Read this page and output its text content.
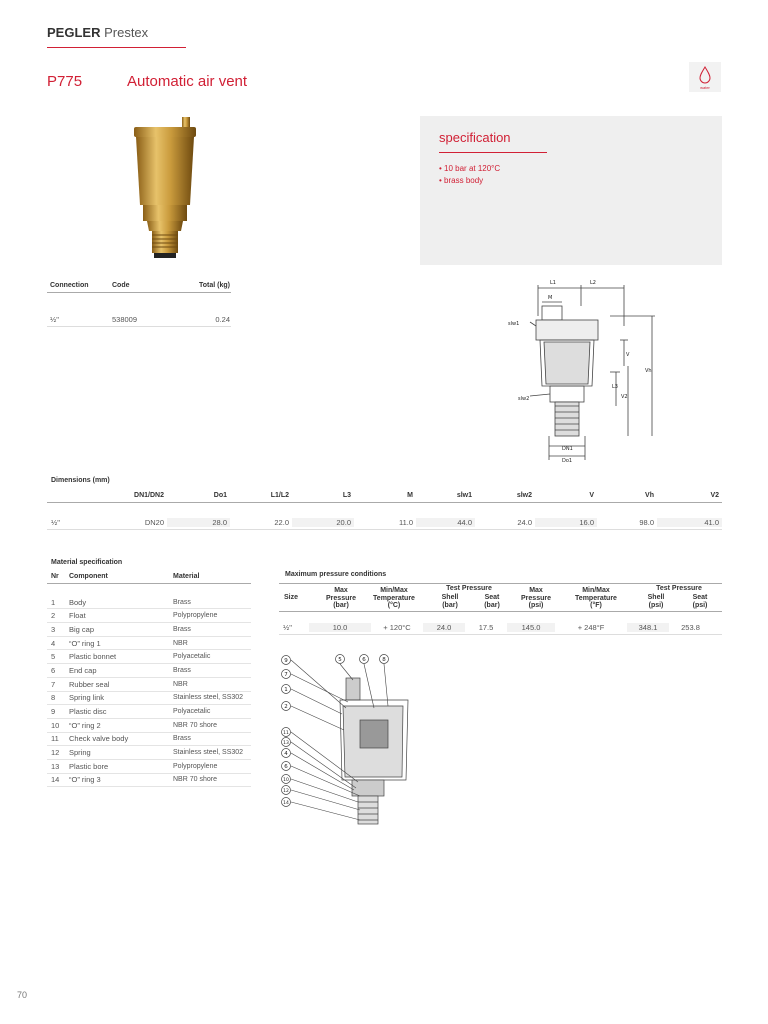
PEGLER Prestex
P775	Automatic air vent	water
specification
• 10 bar at 120°C
• brass body
Connection	Code	Total (kg)
½"	538009	0.24
L1	L2
M
slw1
slw2
V
Vh
L3
V2
DN1
Do1
Dimensions (mm)
DN1/DN2	Do1	L1/L2	L3	M	slw1	slw2	V	Vh	V2
½"	DN20	28.0	22.0	20.0	11.0	44.0	24.0	16.0	98.0	41.0
Material specification
Nr	Component	Material
1	Body	Brass
2	Float	Polypropylene
3	Big cap	Brass
4	“O” ring 1	NBR
5	Plastic bonnet	Polyacetalic
6	End cap	Brass
7	Rubber seal	NBR
8	Spring link	Stainless steel, SS302
9	Plastic disc	Polyacetalic
10	“O” ring 2	NBR 70 shore
11	Check valve body	Brass
12	Spring	Stainless steel, SS302
13	Plastic bore	Polypropylene
14	“O” ring 3	NBR 70 shore
Maximum pressure conditions
Size
Max
Pressure
(bar)
Min/Max
Temperature
(°C)
Test Pressure
Shell
(bar)
Seat
(bar)
Max
Pressure
(psi)
Min/Max
Temperature
(°F)
Test Pressure
Shell
(psi)
Seat
(psi)
½"	10.0	+ 120°C	24.0	17.5	145.0	+ 248°F	348.1	253.8
5	6	8
9
7
1
2
11
13
4
6
10
12
14
70
